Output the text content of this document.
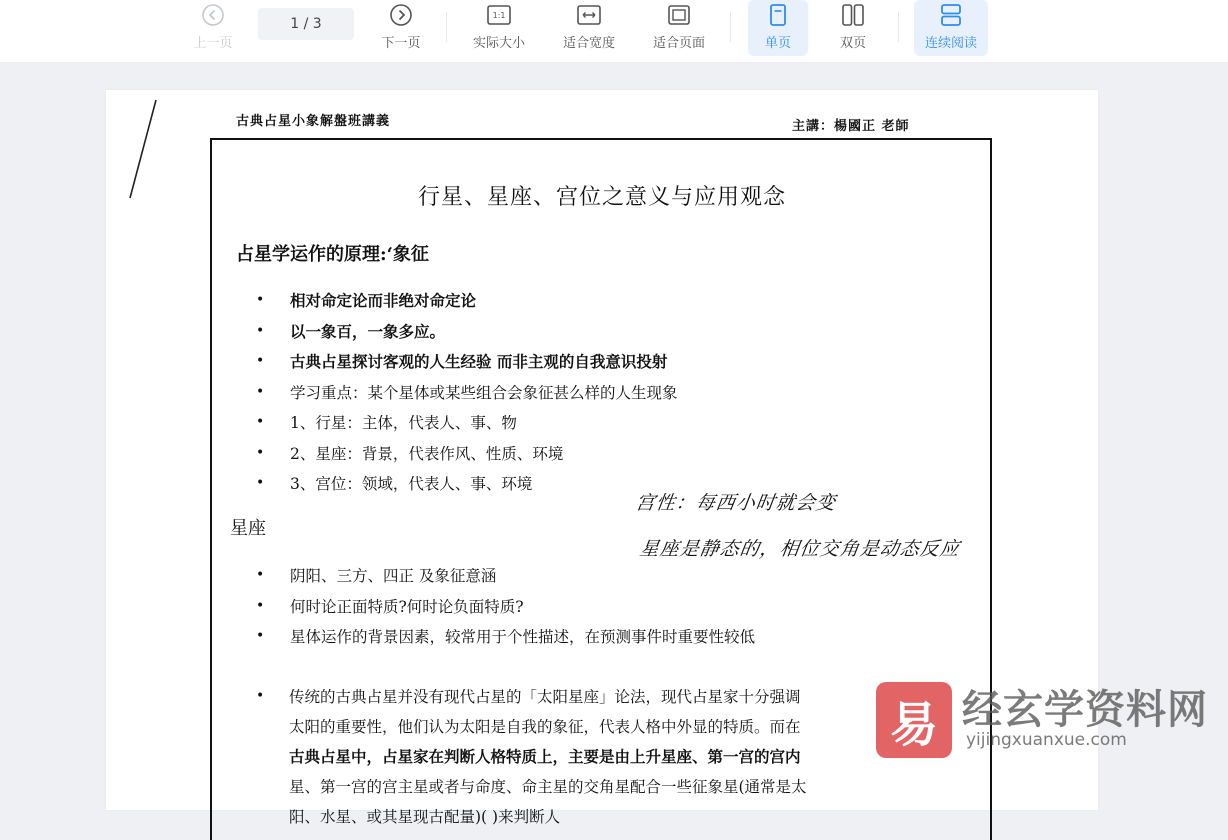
上一页
1 / 3
下一页
1:1
实际大小	适合宽度	适合页面	单页	双页	连续阅读
古典占星小象解盤班講義	主講：楊國正 老師
行星、星座、宫位之意义与应用观念
占星学运作的原理:‘象征
•	相对命定论而非绝对命定论
•	以一象百，一象多应。
•	古典占星探讨客观的人生经验 而非主观的自我意识投射
•	学习重点：某个星体或某些组合会象征甚么样的人生现象
•	1、行星：主体，代表人、事、物
•	2、星座：背景，代表作风、性质、环境
•	3、宫位：领域，代表人、事、环境
宫性：每西小时就会变
星座是静态的，相位交角是动态反应
星座
•	阴阳、三方、四正 及象征意涵
•	何时论正面特质?何时论负面特质?
•	星体运作的背景因素，较常用于个性描述，在预测事件时重要性较低
• 传统的古典占星并没有现代占星的「太阳星座」论法，现代占星家十分强调

太阳的重要性，他们认为太阳是自我的象征，代表人格中外显的特质。而在

古典占星中，占星家在判断人格特质上，主要是由上升星座、第一宫的宫内

星、第一宫的宫主星或者与命度、命主星的交角星配合一些征象星(通常是太

阳、水星、或其星现古配量)( )来判断人

易 经玄学资料网
yijingxuanxue.com
